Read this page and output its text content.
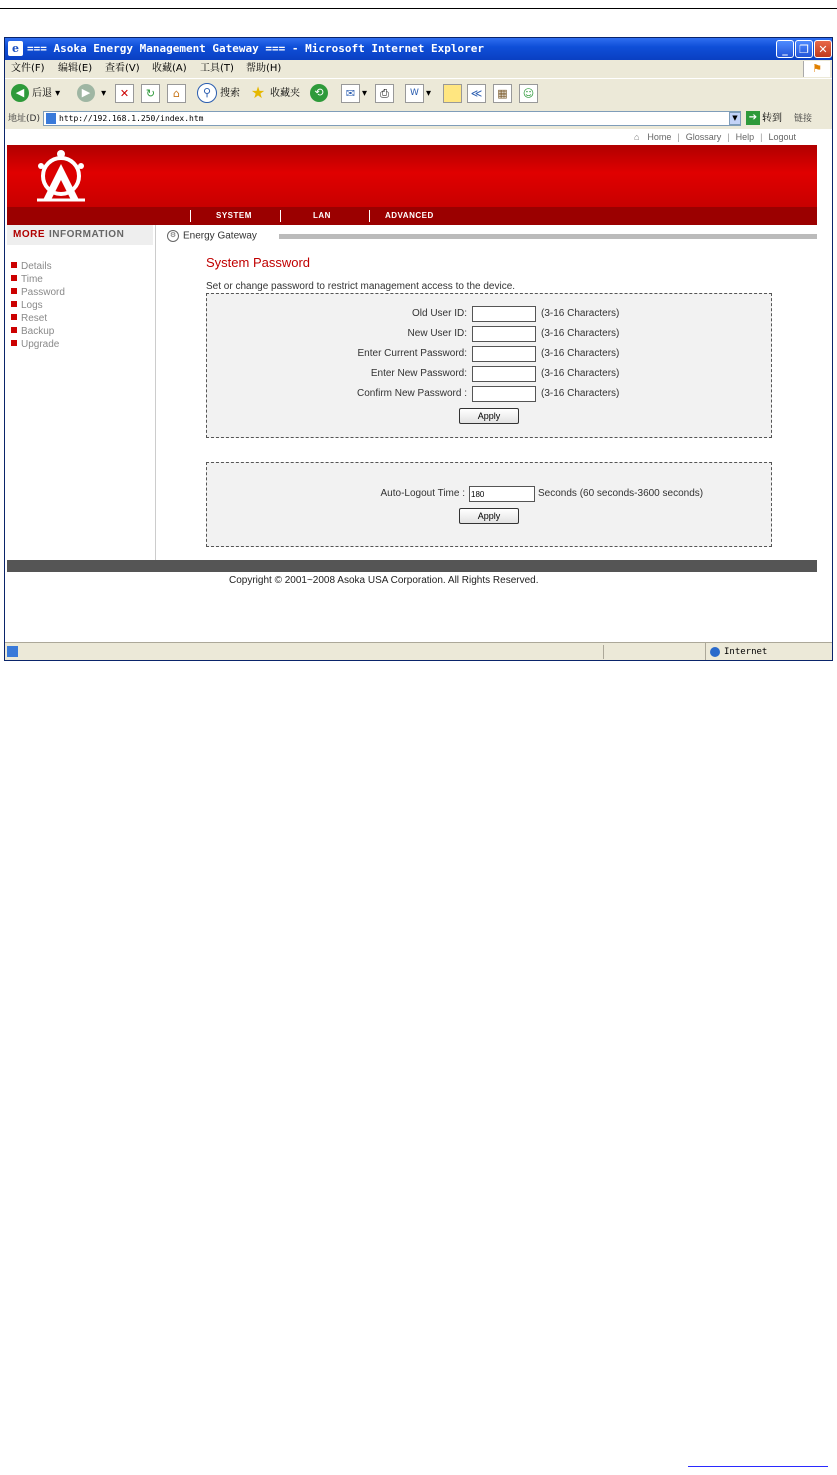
e === Asoka Energy Management Gateway === - Microsoft Internet Explorer	_	❐ ✕
文件(F) 编辑(E) 查看(V) 收藏(A) 工具(T) 帮助(H)	⚑
◀ 后退 ▾	▶ ▾	✕	↻	⌂	⚲ 搜索 ★ 收藏夹	⟲	✉ ▾	⎙	W ▾	≪	▦	☺
地址(D)	http://192.168.1.250/index.htm	▼	➔ 转到 链接
⌂ Home | Glossary | Help | Logout
SYSTEM	LAN	ADVANCED
MORE INFORMATION
Details
Time
Password
Logs
Reset
Backup
Upgrade
⚙ Energy Gateway
System Password
Set or change password to restrict management access to the device.
Old User ID:	(3-16 Characters)
New User ID:	(3-16 Characters)
Enter Current Password:	(3-16 Characters)
Enter New Password:	(3-16 Characters)
Confirm New Password :	(3-16 Characters)
Apply
Auto-Logout Time :
180	Seconds (60 seconds-3600 seconds)
Apply
Copyright © 2001~2008 Asoka USA Corporation. All Rights Reserved.
Internet
